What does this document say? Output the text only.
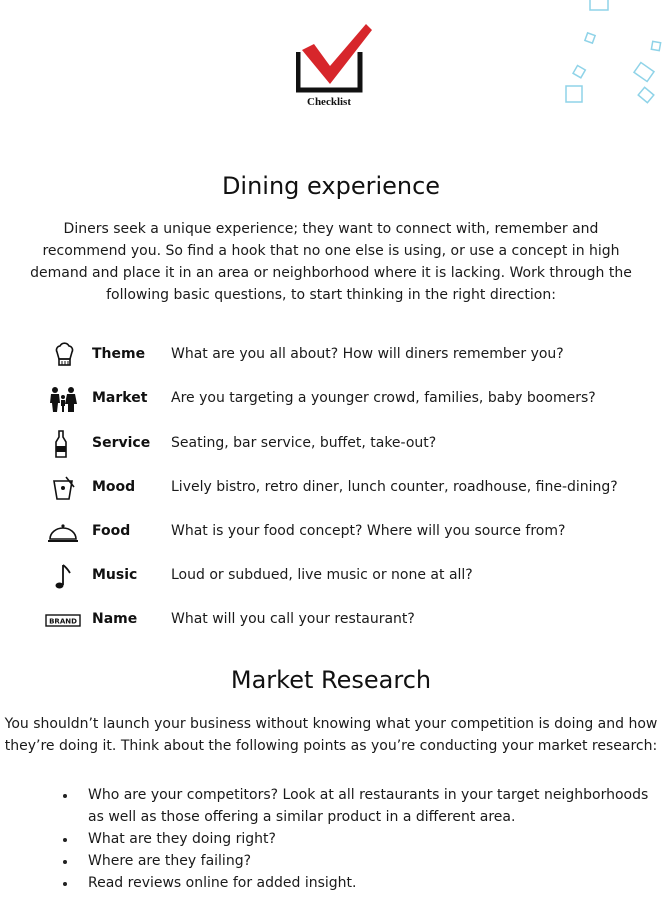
Checklist
Dining experience

Diners seek a unique experience; they want to connect with, remember and recommend you. So find a hook that no one else is using, or use a concept in high demand and place it in an area or neighborhood where it is lacking. Work through the following basic questions, to start thinking in the right direction:

Theme What are you all about? How will diners remember you?
Market Are you targeting a younger crowd, families, baby boomers?
Service Seating, bar service, buffet, take-out?
Mood	Lively bistro, retro diner, lunch counter, roadhouse, fine-dining?
Food	What is your food concept? Where will you source from?
Music Loud or subdued, live music or none at all?
BRAND Name What will you call your restaurant?
Market Research

You shouldn’t launch your business without knowing what your competition is doing and how they’re doing it. Think about the following points as you’re conducting your market research:

Who are your competitors? Look at all restaurants in your target neighborhoods as well as those offering a similar product in a different area.
What are they doing right?
Where are they failing?
Read reviews online for added insight.
